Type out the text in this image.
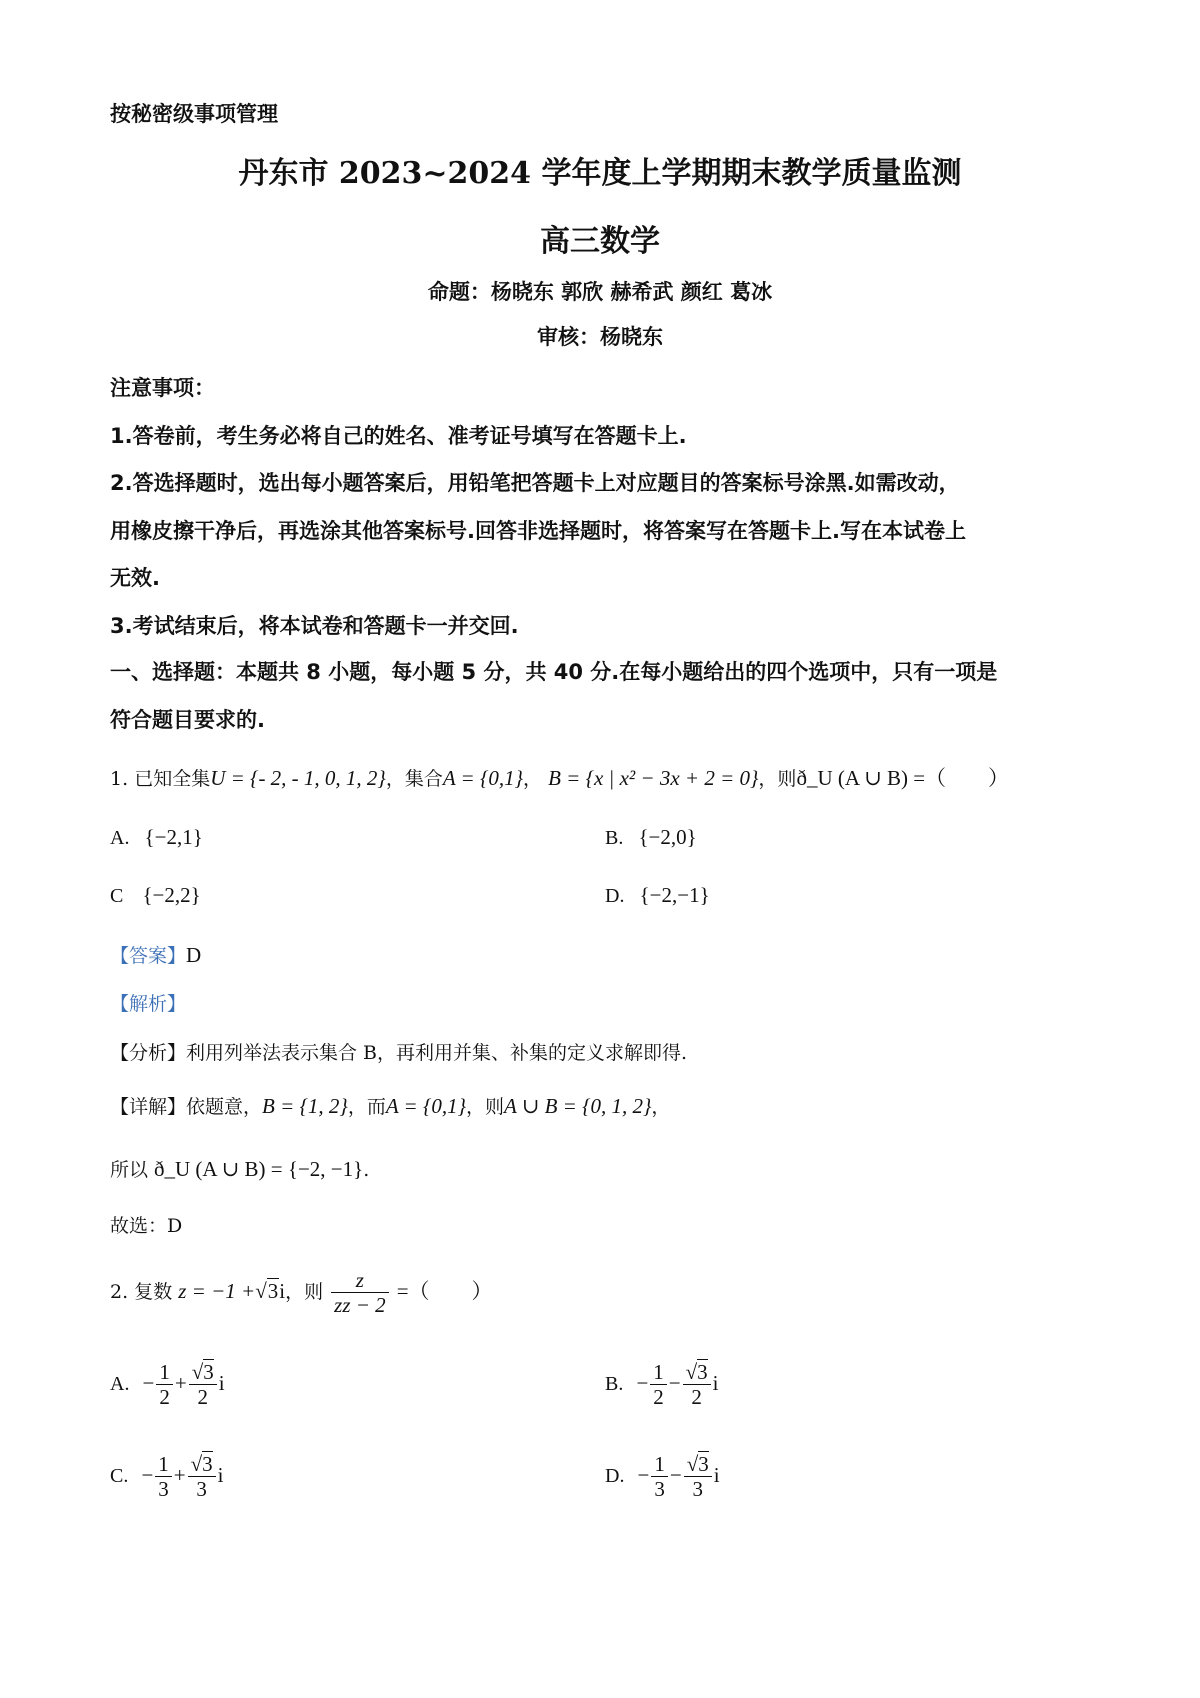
按秘密级事项管理
丹东市 2023~2024 学年度上学期期末教学质量监测
高三数学
命题：杨晓东 郭欣 赫希武 颜红 葛冰
审核：杨晓东
注意事项：
1.答卷前，考生务必将自己的姓名、准考证号填写在答题卡上.
2.答选择题时，选出每小题答案后，用铅笔把答题卡上对应题目的答案标号涂黑.如需改动，
用橡皮擦干净后，再选涂其他答案标号.回答非选择题时，将答案写在答题卡上.写在本试卷上
无效.
3.考试结束后，将本试卷和答题卡一并交回.
一、选择题：本题共 8 小题，每小题 5 分，共 40 分.在每小题给出的四个选项中，只有一项是
符合题目要求的.
1. 已知全集U = {- 2, - 1, 0, 1, 2}，集合A = {0,1}， B = {x | x² − 3x + 2 = 0}，则ð_U (A ∪ B) =（　　）
A. {−2,1}	B. {−2,0}
C {−2,2}	D. {−2,−1}
【答案】D
【解析】
【分析】利用列举法表示集合 B，再利用并集、补集的定义求解即得.
【详解】依题意，B = {1, 2}，而A = {0,1}，则A ∪ B = {0, 1, 2}，
所以 ð_U (A ∪ B) = {−2, −1}.
故选：D
2. 复数 z = −1 +√3i，则 $\frac{z}{zz - 2}$ =（　　）
A. − $\frac{1}{2} + \frac{√3}{2}$ i	B. − $\frac{1}{2} - \frac{√3}{2}$ i
C. − $\frac{1}{3} + \frac{√3}{3}$ i	D. − $\frac{1}{3} - \frac{√3}{3}$ i
